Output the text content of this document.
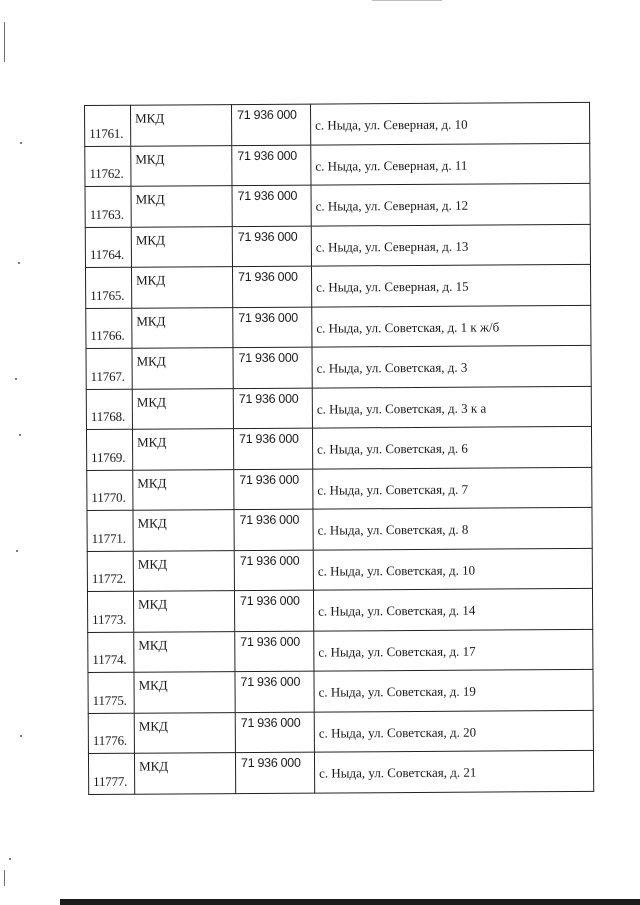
11761.	МКД	71 936 000	с. Ныда, ул. Северная, д. 10
11762.	МКД	71 936 000	с. Ныда, ул. Северная, д. 11
11763.	МКД	71 936 000	с. Ныда, ул. Северная, д. 12
11764.	МКД	71 936 000	с. Ныда, ул. Северная, д. 13
11765.	МКД	71 936 000	с. Ныда, ул. Северная, д. 15
11766.	МКД	71 936 000	с. Ныда, ул. Советская, д. 1 к ж/б
11767.	МКД	71 936 000	с. Ныда, ул. Советская, д. 3
11768.	МКД	71 936 000	с. Ныда, ул. Советская, д. 3 к а
11769.	МКД	71 936 000	с. Ныда, ул. Советская, д. 6
11770.	МКД	71 936 000	с. Ныда, ул. Советская, д. 7
11771.	МКД	71 936 000	с. Ныда, ул. Советская, д. 8
11772.	МКД	71 936 000	с. Ныда, ул. Советская, д. 10
11773.	МКД	71 936 000	с. Ныда, ул. Советская, д. 14
11774.	МКД	71 936 000	с. Ныда, ул. Советская, д. 17
11775.	МКД	71 936 000	с. Ныда, ул. Советская, д. 19
11776.	МКД	71 936 000	с. Ныда, ул. Советская, д. 20
11777.	МКД	71 936 000	с. Ныда, ул. Советская, д. 21
